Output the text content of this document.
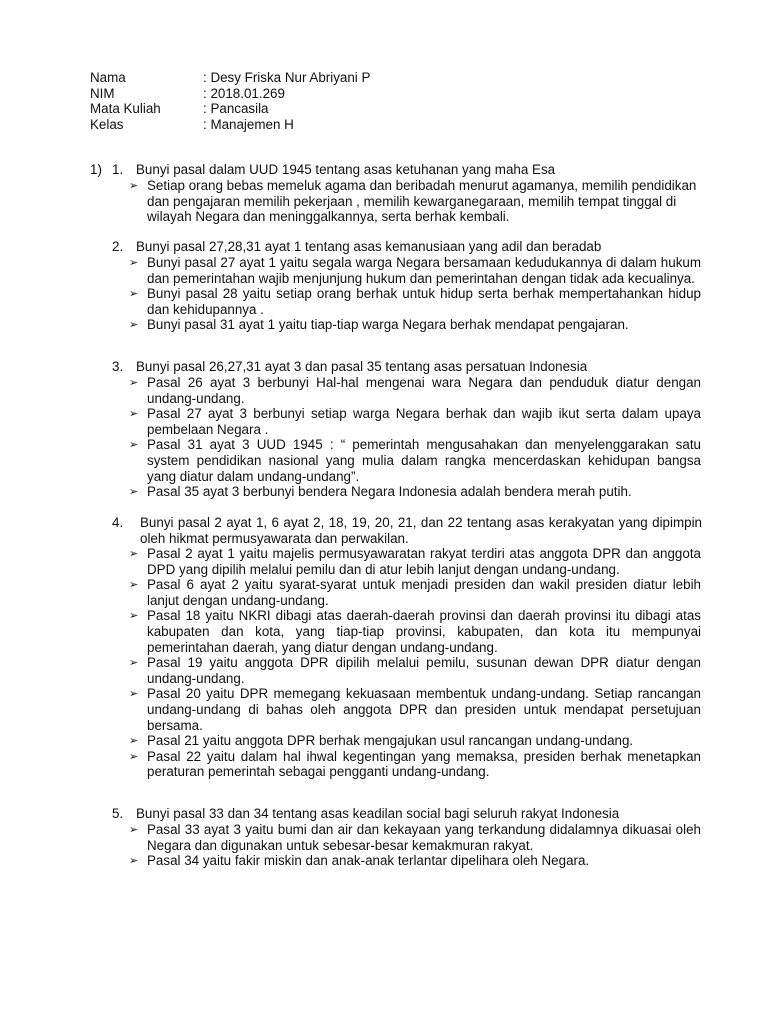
Nama	: Desy Friska Nur Abriyani P
NIM	: 2018.01.269
Mata Kuliah	: Pancasila
Kelas	: Manajemen H
1) 1. Bunyi pasal dalam UUD 1945 tentang asas ketuhanan yang maha Esa
➢ Setiap orang bebas memeluk agama dan beribadah menurut agamanya, memilih pendidikan dan pengajaran memilih pekerjaan , memilih kewarganegaraan, memilih tempat tinggal di wilayah Negara dan meninggalkannya, serta berhak kembali.
2. Bunyi pasal 27,28,31 ayat 1 tentang asas kemanusiaan yang adil dan beradab
➢ Bunyi pasal 27 ayat 1 yaitu segala warga Negara bersamaan kedudukannya di dalam hukum dan pemerintahan wajib menjunjung hukum dan pemerintahan dengan tidak ada kecualinya.
➢ Bunyi pasal 28 yaitu setiap orang berhak untuk hidup serta berhak mempertahankan hidup dan kehidupannya .
➢ Bunyi pasal 31 ayat 1 yaitu tiap-tiap warga Negara berhak mendapat pengajaran.
3. Bunyi pasal 26,27,31 ayat 3 dan pasal 35 tentang asas persatuan Indonesia
➢ Pasal 26 ayat 3 berbunyi Hal-hal mengenai wara Negara dan penduduk diatur dengan undang-undang.
➢ Pasal 27 ayat 3 berbunyi setiap warga Negara berhak dan wajib ikut serta dalam upaya pembelaan Negara .
➢ Pasal 31 ayat 3 UUD 1945 : “ pemerintah mengusahakan dan menyelenggarakan satu system pendidikan nasional yang mulia dalam rangka mencerdaskan kehidupan bangsa yang diatur dalam undang-undang”.
➢ Pasal 35 ayat 3 berbunyi bendera Negara Indonesia adalah bendera merah putih.
4. Bunyi pasal 2 ayat 1, 6 ayat 2, 18, 19, 20, 21, dan 22 tentang asas kerakyatan yang dipimpin oleh hikmat permusyawarata dan perwakilan.
➢ Pasal 2 ayat 1 yaitu majelis permusyawaratan rakyat terdiri atas anggota DPR dan anggota DPD yang dipilih melalui pemilu dan di atur lebih lanjut dengan undang-undang.
➢ Pasal 6 ayat 2 yaitu syarat-syarat untuk menjadi presiden dan wakil presiden diatur lebih lanjut dengan undang-undang.
➢ Pasal 18 yaitu NKRI dibagi atas daerah-daerah provinsi dan daerah provinsi itu dibagi atas kabupaten dan kota, yang tiap-tiap provinsi, kabupaten, dan kota itu mempunyai pemerintahan daerah, yang diatur dengan undang-undang.
➢ Pasal 19 yaitu anggota DPR dipilih melalui pemilu, susunan dewan DPR diatur dengan undang-undang.
➢ Pasal 20 yaitu DPR memegang kekuasaan membentuk undang-undang. Setiap rancangan undang-undang di bahas oleh anggota DPR dan presiden untuk mendapat persetujuan bersama.
➢ Pasal 21 yaitu anggota DPR berhak mengajukan usul rancangan undang-undang.
➢ Pasal 22 yaitu dalam hal ihwal kegentingan yang memaksa, presiden berhak menetapkan peraturan pemerintah sebagai pengganti undang-undang.
5. Bunyi pasal 33 dan 34 tentang asas keadilan social bagi seluruh rakyat Indonesia
➢ Pasal 33 ayat 3 yaitu bumi dan air dan kekayaan yang terkandung didalamnya dikuasai oleh Negara dan digunakan untuk sebesar-besar kemakmuran rakyat.
➢ Pasal 34 yaitu fakir miskin dan anak-anak terlantar dipelihara oleh Negara.
